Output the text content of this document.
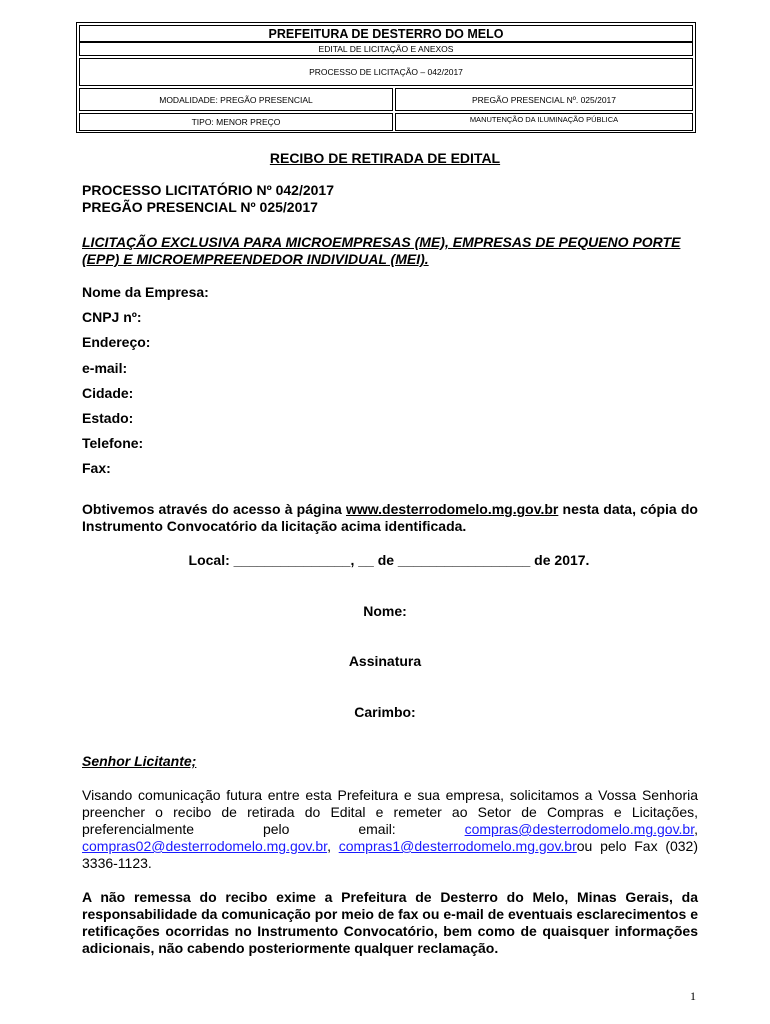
PREFEITURA DE DESTERRO DO MELO
EDITAL DE LICITAÇÃO E ANEXOS
PROCESSO DE LICITAÇÃO – 042/2017
MODALIDADE: PREGÃO PRESENCIAL	PREGÃO PRESENCIAL Nº. 025/2017
TIPO: MENOR PREÇO	MANUTENÇÃO DA ILUMINAÇÃO PÚBLICA
RECIBO DE RETIRADA DE EDITAL
PROCESSO LICITATÓRIO Nº 042/2017
PREGÃO PRESENCIAL Nº 025/2017
LICITAÇÃO EXCLUSIVA PARA MICROEMPRESAS (ME), EMPRESAS DE PEQUENO PORTE (EPP) E MICROEMPREENDEDOR INDIVIDUAL (MEI).
Nome da Empresa:
CNPJ nº:
Endereço:
e-mail:
Cidade:
Estado:
Telefone:
Fax:
Obtivemos através do acesso à página www.desterrodomelo.mg.gov.br nesta data, cópia do Instrumento Convocatório da licitação acima identificada.
Local: _______________, __ de _________________ de 2017.
Nome:
Assinatura
Carimbo:
Senhor Licitante;
Visando comunicação futura entre esta Prefeitura e sua empresa, solicitamos a Vossa Senhoria preencher o recibo de retirada do Edital e remeter ao Setor de Compras e Licitações, preferencialmente pelo email: compras@desterrodomelo.mg.gov.br, compras02@desterrodomelo.mg.gov.br, compras1@desterrodomelo.mg.gov.brou pelo Fax (032) 3336-1123.
A não remessa do recibo exime a Prefeitura de Desterro do Melo, Minas Gerais, da responsabilidade da comunicação por meio de fax ou e-mail de eventuais esclarecimentos e retificações ocorridas no Instrumento Convocatório, bem como de quaisquer informações adicionais, não cabendo posteriormente qualquer reclamação.
1
